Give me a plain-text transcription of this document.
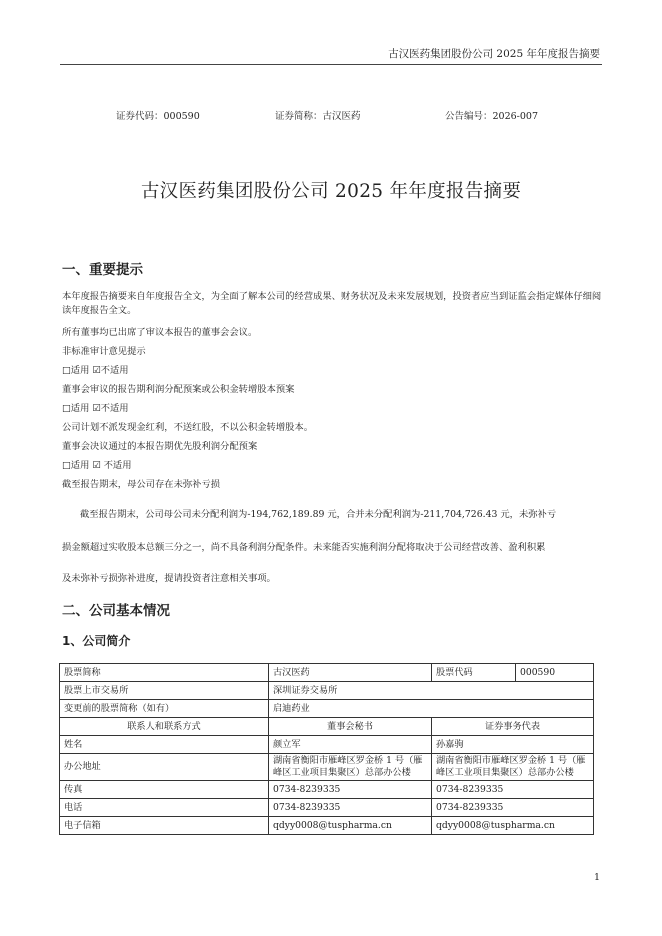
古汉医药集团股份公司 2025 年年度报告摘要
证券代码：000590	证券简称：古汉医药	公告编号：2026-007
古汉医药集团股份公司 2025 年年度报告摘要
一、重要提示
本年度报告摘要来自年度报告全文，为全面了解本公司的经营成果、财务状况及未来发展规划，投资者应当到证监会指定媒体仔细阅读年度报告全文。
所有董事均已出席了审议本报告的董事会会议。
非标准审计意见提示
□适用 ☑不适用
董事会审议的报告期利润分配预案或公积金转增股本预案
□适用 ☑不适用
公司计划不派发现金红利，不送红股，不以公积金转增股本。
董事会决议通过的本报告期优先股利润分配预案
□适用 ☑ 不适用
截至报告期末，母公司存在未弥补亏损
截至报告期末，公司母公司未分配利润为-194,762,189.89 元，合并未分配利润为-211,704,726.43 元，未弥补亏
损金额超过实收股本总额三分之一，尚不具备利润分配条件。未来能否实施利润分配将取决于公司经营改善、盈利积累
及未弥补亏损弥补进度，提请投资者注意相关事项。
二、公司基本情况
1、公司简介
股票简称	古汉医药	股票代码	000590
股票上市交易所	深圳证券交易所		
变更前的股票简称（如有）	启迪药业		
联系人和联系方式	董事会秘书	证券事务代表	
姓名	颜立军	孙嘉驹	
办公地址	湖南省衡阳市雁峰区罗金桥 1 号（雁峰区工业项目集聚区）总部办公楼	湖南省衡阳市雁峰区罗金桥 1 号（雁峰区工业项目集聚区）总部办公楼	
传真	0734-8239335	0734-8239335	
电话	0734-8239335	0734-8239335	
电子信箱	qdyy0008@tuspharma.cn	qdyy0008@tuspharma.cn	
1
